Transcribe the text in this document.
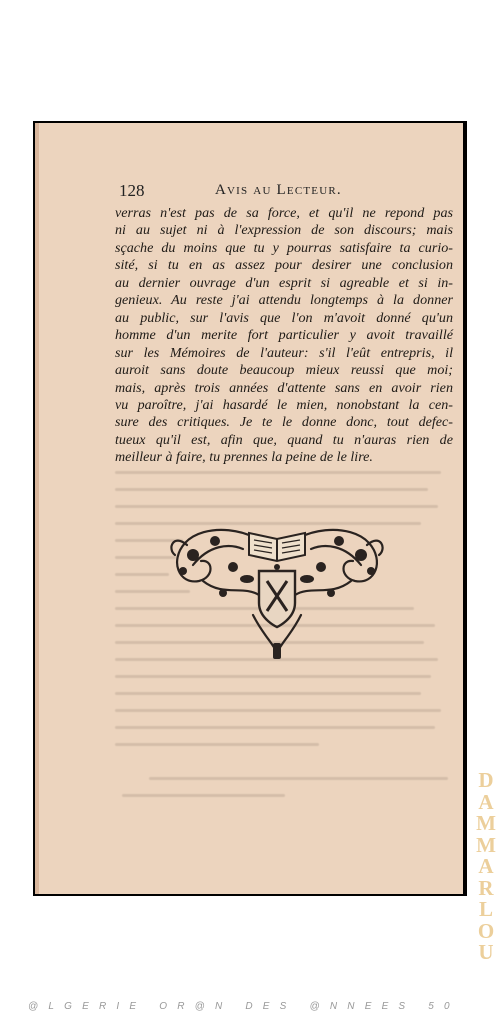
128	Avis au Lecteur.
verras n'est pas de sa force, et qu'il ne repond pas
ni au sujet ni à l'expression de son discours; mais
sçache du moins que tu y pourras satisfaire ta curio-
sité, si tu en as assez pour desirer une conclusion
au dernier ouvrage d'un esprit si agreable et si in-
genieux. Au reste j'ai attendu longtemps à la donner
au public, sur l'avis que l'on m'avoit donné qu'un
homme d'un merite fort particulier y avoit travaillé
sur les Mémoires de l'auteur: s'il l'eût entrepris, il
auroit sans doute beaucoup mieux reussi que moi;
mais, après trois années d'attente sans en avoir rien
vu paroître, j'ai hasardé le mien, nonobstant la cen-
sure des critiques. Je te le donne donc, tout defec-
tueux qu'il est, afin que, quand tu n'auras rien de
meilleur à faire, tu prennes la peine de le lire.
D
A
M
M
A
R
L
O
U
@LGERIE OR@N DES @NNEES 50
